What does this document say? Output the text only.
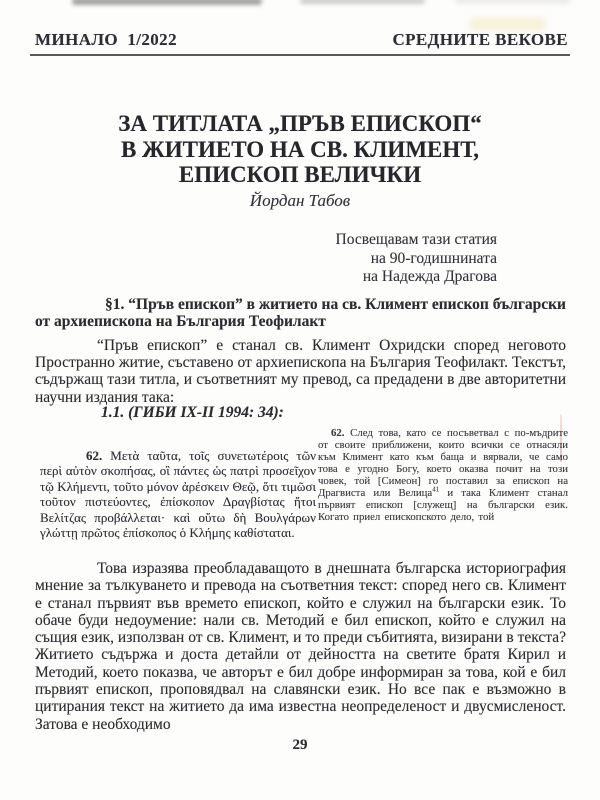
МИНАЛО  1/2022	СРЕДНИТЕ ВЕКОВЕ
ЗА ТИТЛАТА „ПРЪВ ЕПИСКОП“
В ЖИТИЕТО НА СВ. КЛИМЕНТ,
ЕПИСКОП ВЕЛИЧКИ
Йордан Табов
Посвещавам тази статия
на 90-годишнината
на Надежда Драгова

§1. “Пръв епископ” в житието на св. Климент епископ български от архиепископа на България Теофилакт

“Пръв епископ” е станал св. Климент Охридски според неговото Пространно житие, съставено от архиепископа на България Теофилакт. Текстът, съдържащ тази титла, и съответният му превод, са предадени в две авторитетни научни издания така:

1.1. (ГИБИ IX-II 1994: 34):

62. Μετὰ ταῦτα, τοῖς συνετωτέροις τῶν περὶ αὐτὸν σκοπήσας, οἳ πάντες ὡς πατρὶ προσεῖχον τῷ Κλήμεντι, τοῦτο μόνον ἀρέσκειν Θεῷ, ὅτι τιμῶσι τοῦτον πιστεύοντες, ἐπίσκοπον Δραγβίστας ἤτοι Βελίτζας προβάλλεται· καὶ οὕτω δὴ Βουλγάρων γλώττῃ πρῶτος ἐπίσκοπος ὁ Κλήμης καθίσταται.

62. След това, като се посъветвал с по-мъдрите от своите приближени, които всички се отнасяли към Климент като към баща и вярвали, че само това е угодно Богу, което оказва почит на този човек, той [Симеон] го поставил за епископ на Драгвиста или Велица$^{41}$ и така Климент станал първият епископ [служещ] на български език. Когато приел епископското дело, той

Това изразява преобладаващото в днешната българска историография мнение за тълкуването и превода на съответния текст: според него св. Климент е станал първият във времето епископ, който е служил на български език. То обаче буди недоумение: нали св. Методий е бил епископ, който е служил на същия език, използван от св. Климент, и то преди събитията, визирани в текста? Житието съдържа и доста детайли от дейността на светите братя Кирил и Методий, което показва, че авторът е бил добре информиран за това, кой е бил първият епископ, проповядвал на славянски език. Но все пак е възможно в цитирания текст на житието да има известна неопределеност и двусмисленост. Затова е необходимо

29
